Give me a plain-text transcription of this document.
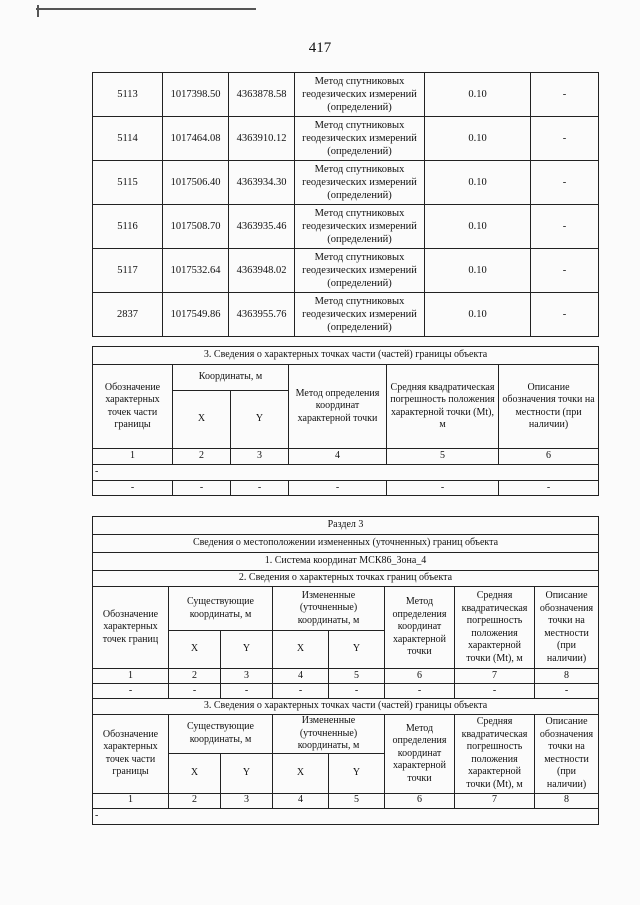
417
5113	1017398.50	4363878.58	Метод спутниковых геодезических измерений (определений)	0.10	-
5114	1017464.08	4363910.12	Метод спутниковых геодезических измерений (определений)	0.10	-
5115	1017506.40	4363934.30	Метод спутниковых геодезических измерений (определений)	0.10	-
5116	1017508.70	4363935.46	Метод спутниковых геодезических измерений (определений)	0.10	-
5117	1017532.64	4363948.02	Метод спутниковых геодезических измерений (определений)	0.10	-
2837	1017549.86	4363955.76	Метод спутниковых геодезических измерений (определений)	0.10	-
3. Сведения о характерных точках части (частей) границы объекта					
Обозначение характерных точек части границы	Координаты, м		Метод определения координат характерной точки	Средняя квадратическая погрешность положения характерной точки (Mt), м	Описание обозначения точки на местности (при наличии)
	X	Y			
1	2	3	4	5	6
-					
-	-	-	-	-	-
Раздел 3							
Сведения о местоположении измененных (уточненных) границ объекта							
1. Система координат МСК86_Зона_4							
2. Сведения о характерных точках границ объекта							
Обозначение характерных точек границ	Существующие координаты, м		Измененные (уточненные) координаты, м		Метод определения координат характерной точки	Средняя квадратическая погрешность положения характерной точки (Mt), м	Описание обозначения точки на местности (при наличии)
	X	Y	X	Y			
1	2	3	4	5	6	7	8
-	-	-	-	-	-	-	-
3. Сведения о характерных точках части (частей) границы объекта							
Обозначение характерных точек части границы	Существующие координаты, м		Измененные (уточненные) координаты, м		Метод определения координат характерной точки	Средняя квадратическая погрешность положения характерной точки (Mt), м	Описание обозначения точки на местности (при наличии)
	X	Y	X	Y			
1	2	3	4	5	6	7	8
-							
